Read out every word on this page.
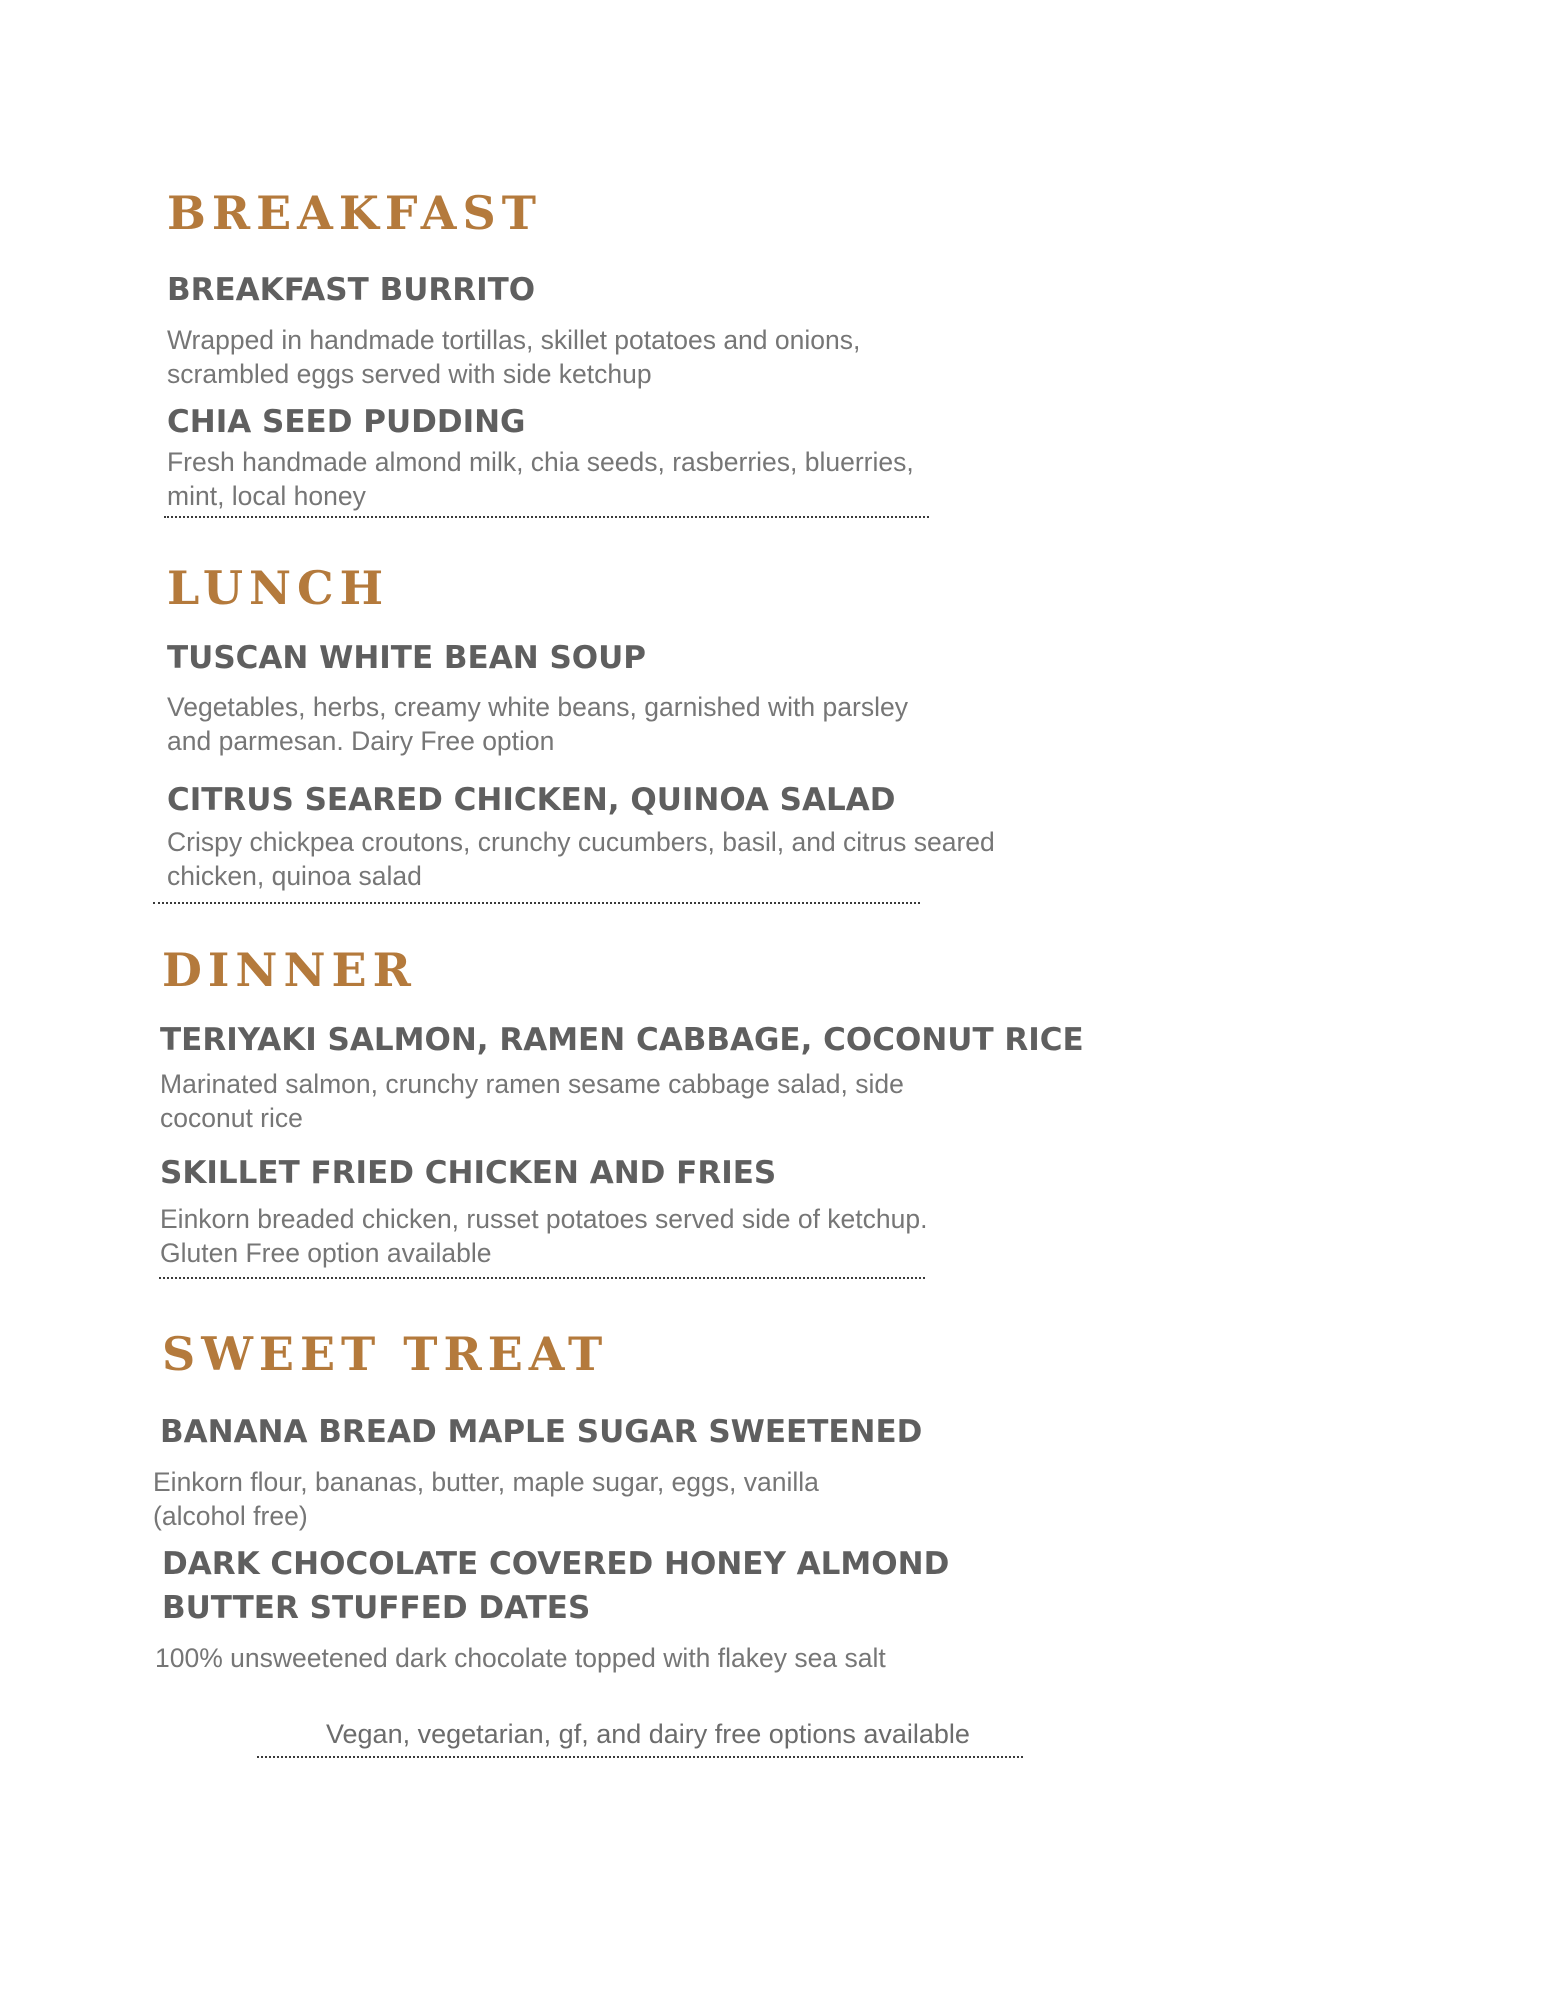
BREAKFAST
BREAKFAST BURRITO
Wrapped in handmade tortillas, skillet potatoes and onions, scrambled eggs served with side ketchup
CHIA SEED PUDDING
Fresh handmade almond milk, chia seeds, rasberries, bluerries, mint, local honey
LUNCH
TUSCAN WHITE BEAN SOUP
Vegetables, herbs, creamy white beans, garnished with parsley and parmesan. Dairy Free option
CITRUS SEARED CHICKEN, QUINOA SALAD
Crispy chickpea croutons, crunchy cucumbers, basil, and citrus seared chicken, quinoa salad
DINNER
TERIYAKI SALMON, RAMEN CABBAGE, COCONUT RICE
Marinated salmon, crunchy ramen sesame cabbage salad, side coconut rice
SKILLET FRIED CHICKEN AND FRIES
Einkorn breaded chicken, russet potatoes served side of ketchup. Gluten Free option available
SWEET TREAT
BANANA BREAD MAPLE SUGAR SWEETENED
Einkorn flour, bananas, butter, maple sugar, eggs, vanilla (alcohol free)
DARK CHOCOLATE COVERED HONEY ALMOND BUTTER STUFFED DATES
100% unsweetened dark chocolate topped with flakey sea salt
Vegan, vegetarian, gf, and dairy free options available
